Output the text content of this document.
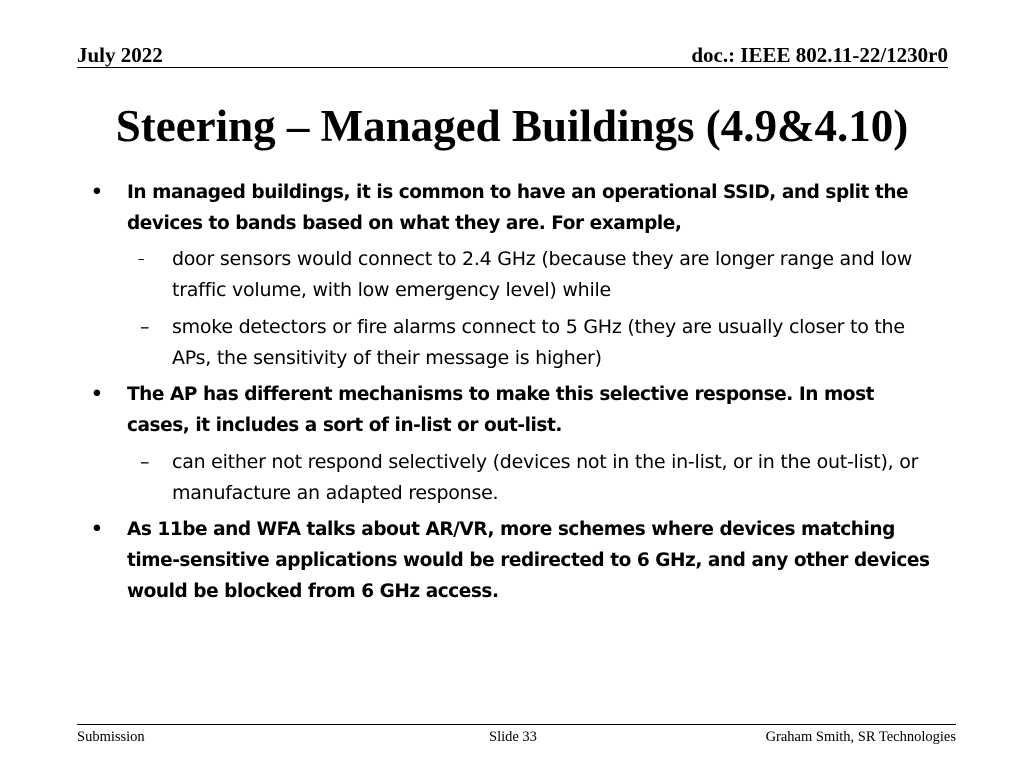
July 2022	doc.: IEEE 802.11-22/1230r0
Steering – Managed Buildings (4.9&4.10)
• In managed buildings, it is common to have an operational SSID, and split the devices to bands based on what they are. For example,

– door sensors would connect to 2.4 GHz (because they are longer range and low traffic volume, with low emergency level) while

– smoke detectors or fire alarms connect to 5 GHz (they are usually closer to the APs, the sensitivity of their message is higher)

• The AP has different mechanisms to make this selective response. In most cases, it includes a sort of in-list or out-list.

– can either not respond selectively (devices not in the in-list, or in the out-list), or manufacture an adapted response.

• As 11be and WFA talks about AR/VR, more schemes where devices matching time-sensitive applications would be redirected to 6 GHz, and any other devices would be blocked from 6 GHz access.

Submission	Slide 33	Graham Smith, SR Technologies
